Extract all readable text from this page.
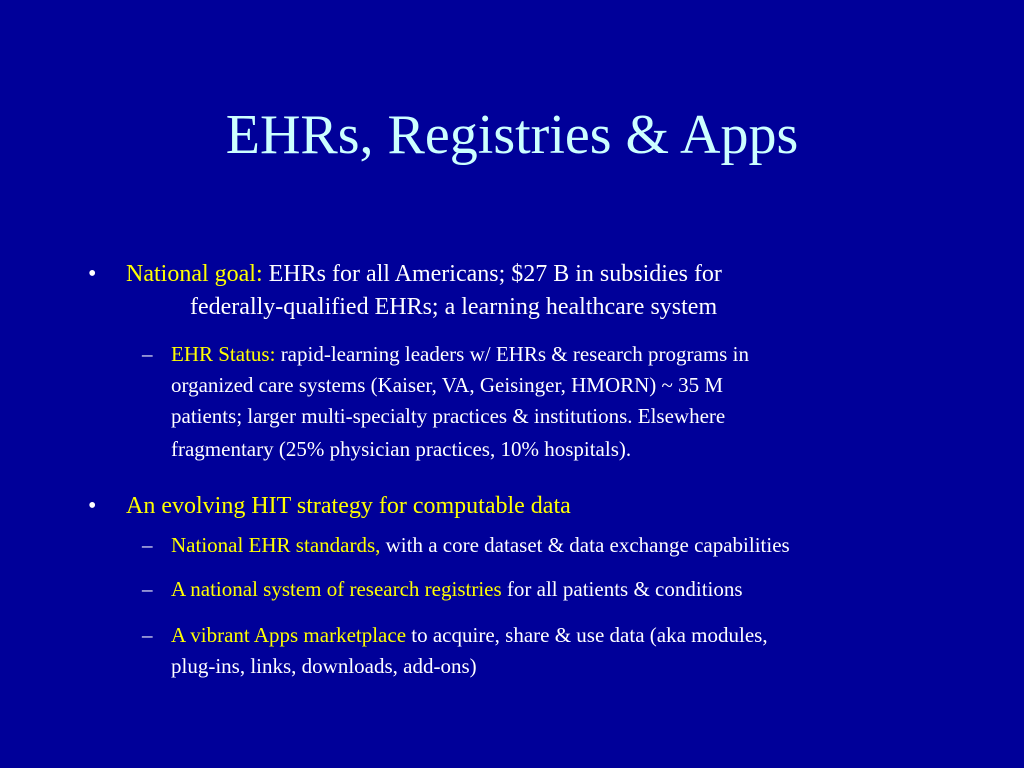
EHRs, Registries & Apps
• National goal: EHRs for all Americans; $27 B in subsidies for
federally-qualified EHRs; a learning healthcare system
– EHR Status: rapid-learning leaders w/ EHRs & research programs in
organized care systems (Kaiser, VA, Geisinger, HMORN) ~ 35 M
patients; larger multi-specialty practices & institutions. Elsewhere
fragmentary (25% physician practices, 10% hospitals).
• An evolving HIT strategy for computable data
– National EHR standards, with a core dataset & data exchange capabilities
– A national system of research registries for all patients & conditions
– A vibrant Apps marketplace to acquire, share & use data (aka modules,
plug-ins, links, downloads, add-ons)
